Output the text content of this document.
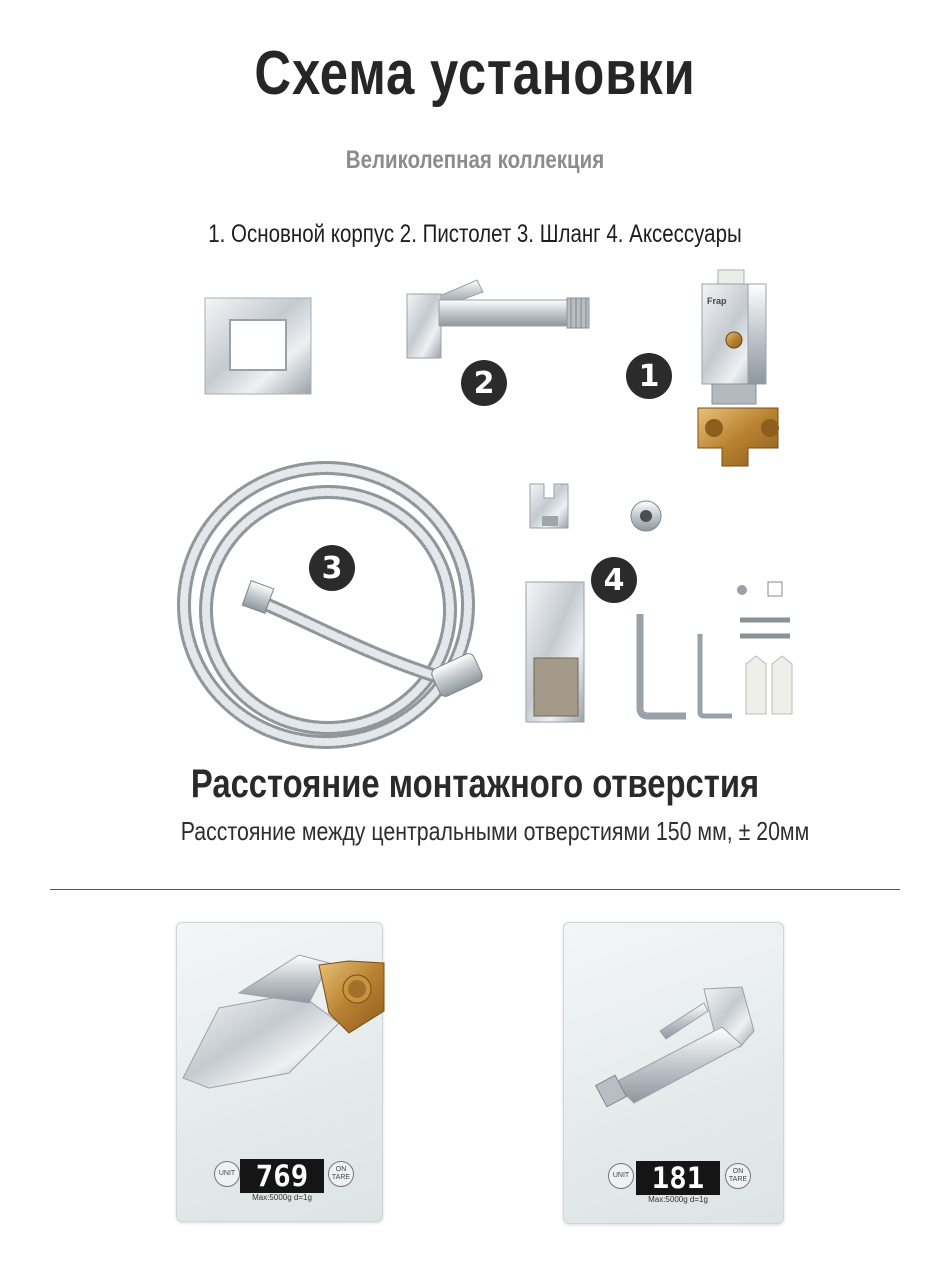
Схема установки
Великолепная коллекция
1. Основной корпус 2. Пистолет 3. Шланг 4. Аксессуары
Frap
2	1
3	4
Расстояние монтажного отверстия
Расстояние между центральными отверстиями 150 мм, ± 20мм
UNIT 769	ON TARE
Max:5000g d=1g
UNIT 181	ON TARE
Max:5000g d=1g
